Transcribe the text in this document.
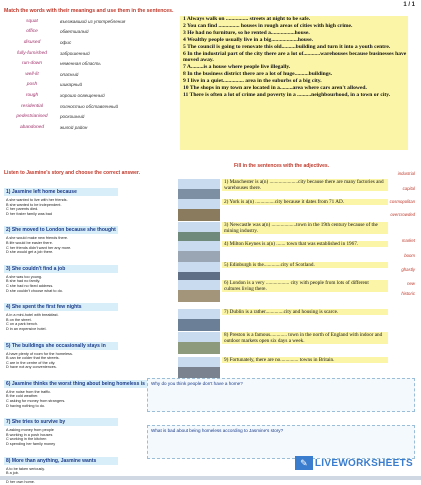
1 / 1
Match the words with their meanings and use them in the sentences.
squat	въезжавший из употребления
office	обветшалый
disused	офис
fully-furnished	заброшенный
run-down	неменная область
well-lit	опасный
posh	шикарный
rough	хорошо освещенный
residential	полностью обставленный
pedestrianised	роскошный
abandoned	жилой район
1 Always walk on ................ streets at night to be safe.
2 You can find ............... houses in rough areas of cities with high crime.
3 He had no furniture, so he rented a.................house.
4 Wealthy people usually live in a big...................house.
5 The council is going to renovate this old..........building and turn it into a youth centre.
6 In the industrial part of the city there are a lot of............warehouses because businesses have moved away.
7 A.........is a house where people live illegally.
8 In the business district there are a lot of huge..........buildings.
9 I live in a quiet............... area in the suburbs of a big city.
10 The shops in my town are located in a.........area where cars aren't allowed.
11 There is often a lot of crime and poverty in a ..........neighbourhood, in a town or city.
Listen to Jasmine's story and choose the correct answer.
1) Jasmine left home because
A she wanted to live with her friends.
B she wanted to be independent.
C her parents died.
D her foster family was bad
2) She moved to London because she thought
A she would make new friends there.
B life would be easier there.
C her friends didn't want her any more.
D she would get a job there.
3) She couldn't find a job
A she was too young.
B she had no family.
C she had no fixed address.
D she couldn't choose what to do.
4) She spent the first few nights
A in a mini-hotel with breakfast.
B on the street.
C on a park bench.
D in an expensive hotel.
5) The buildings she occasionally stays in
A have plenty of room for the homeless.
B can be colder that the streets.
C are in the centre of the city.
D have not any conveniences.
6) Jasmine thinks the worst thing about being homeless is
A the noise from the traffic.
B the cold weather.
C asking for money from strangers.
D having nothing to do.
7) She tries to survive by
A asking money from people
B working in a posh houses
C working in the kitchen
D spending her family money
8) More than anything, Jasmine wants
A to be taken seriously.
B a job.
D her own home.
Fill in the sentences with the adjectives.
industrial
capital
cosmopolitan
overcrowded
market
boom
ghastly
new
historic
1) Manchester is a(n) ......................city because there are many factories and warehouses there.
2) York is a(n) ...............city because it dates from 71 AD.
3) Newcastle was a(n) ...................town in the 19th century because of the mining industry.
4) Milton Keynes is a(n) ....... town that was established in 1967.
5) Edinburgh is the.............city of Scotland.
6) London is a very .................. city with people from lots of different cultures living there.
7) Dublin is a rather..............city and housing is scarce.
8) Preston is a famous............. town in the north of England with indoor and outdoor markets open six days a week.
9) Fortunately, there are no.............. towns in Britain.
Why do you think people don't have a home?
What is bad about being homeless according to Jasmine's story?
✎ LIVEWORKSHEETS
